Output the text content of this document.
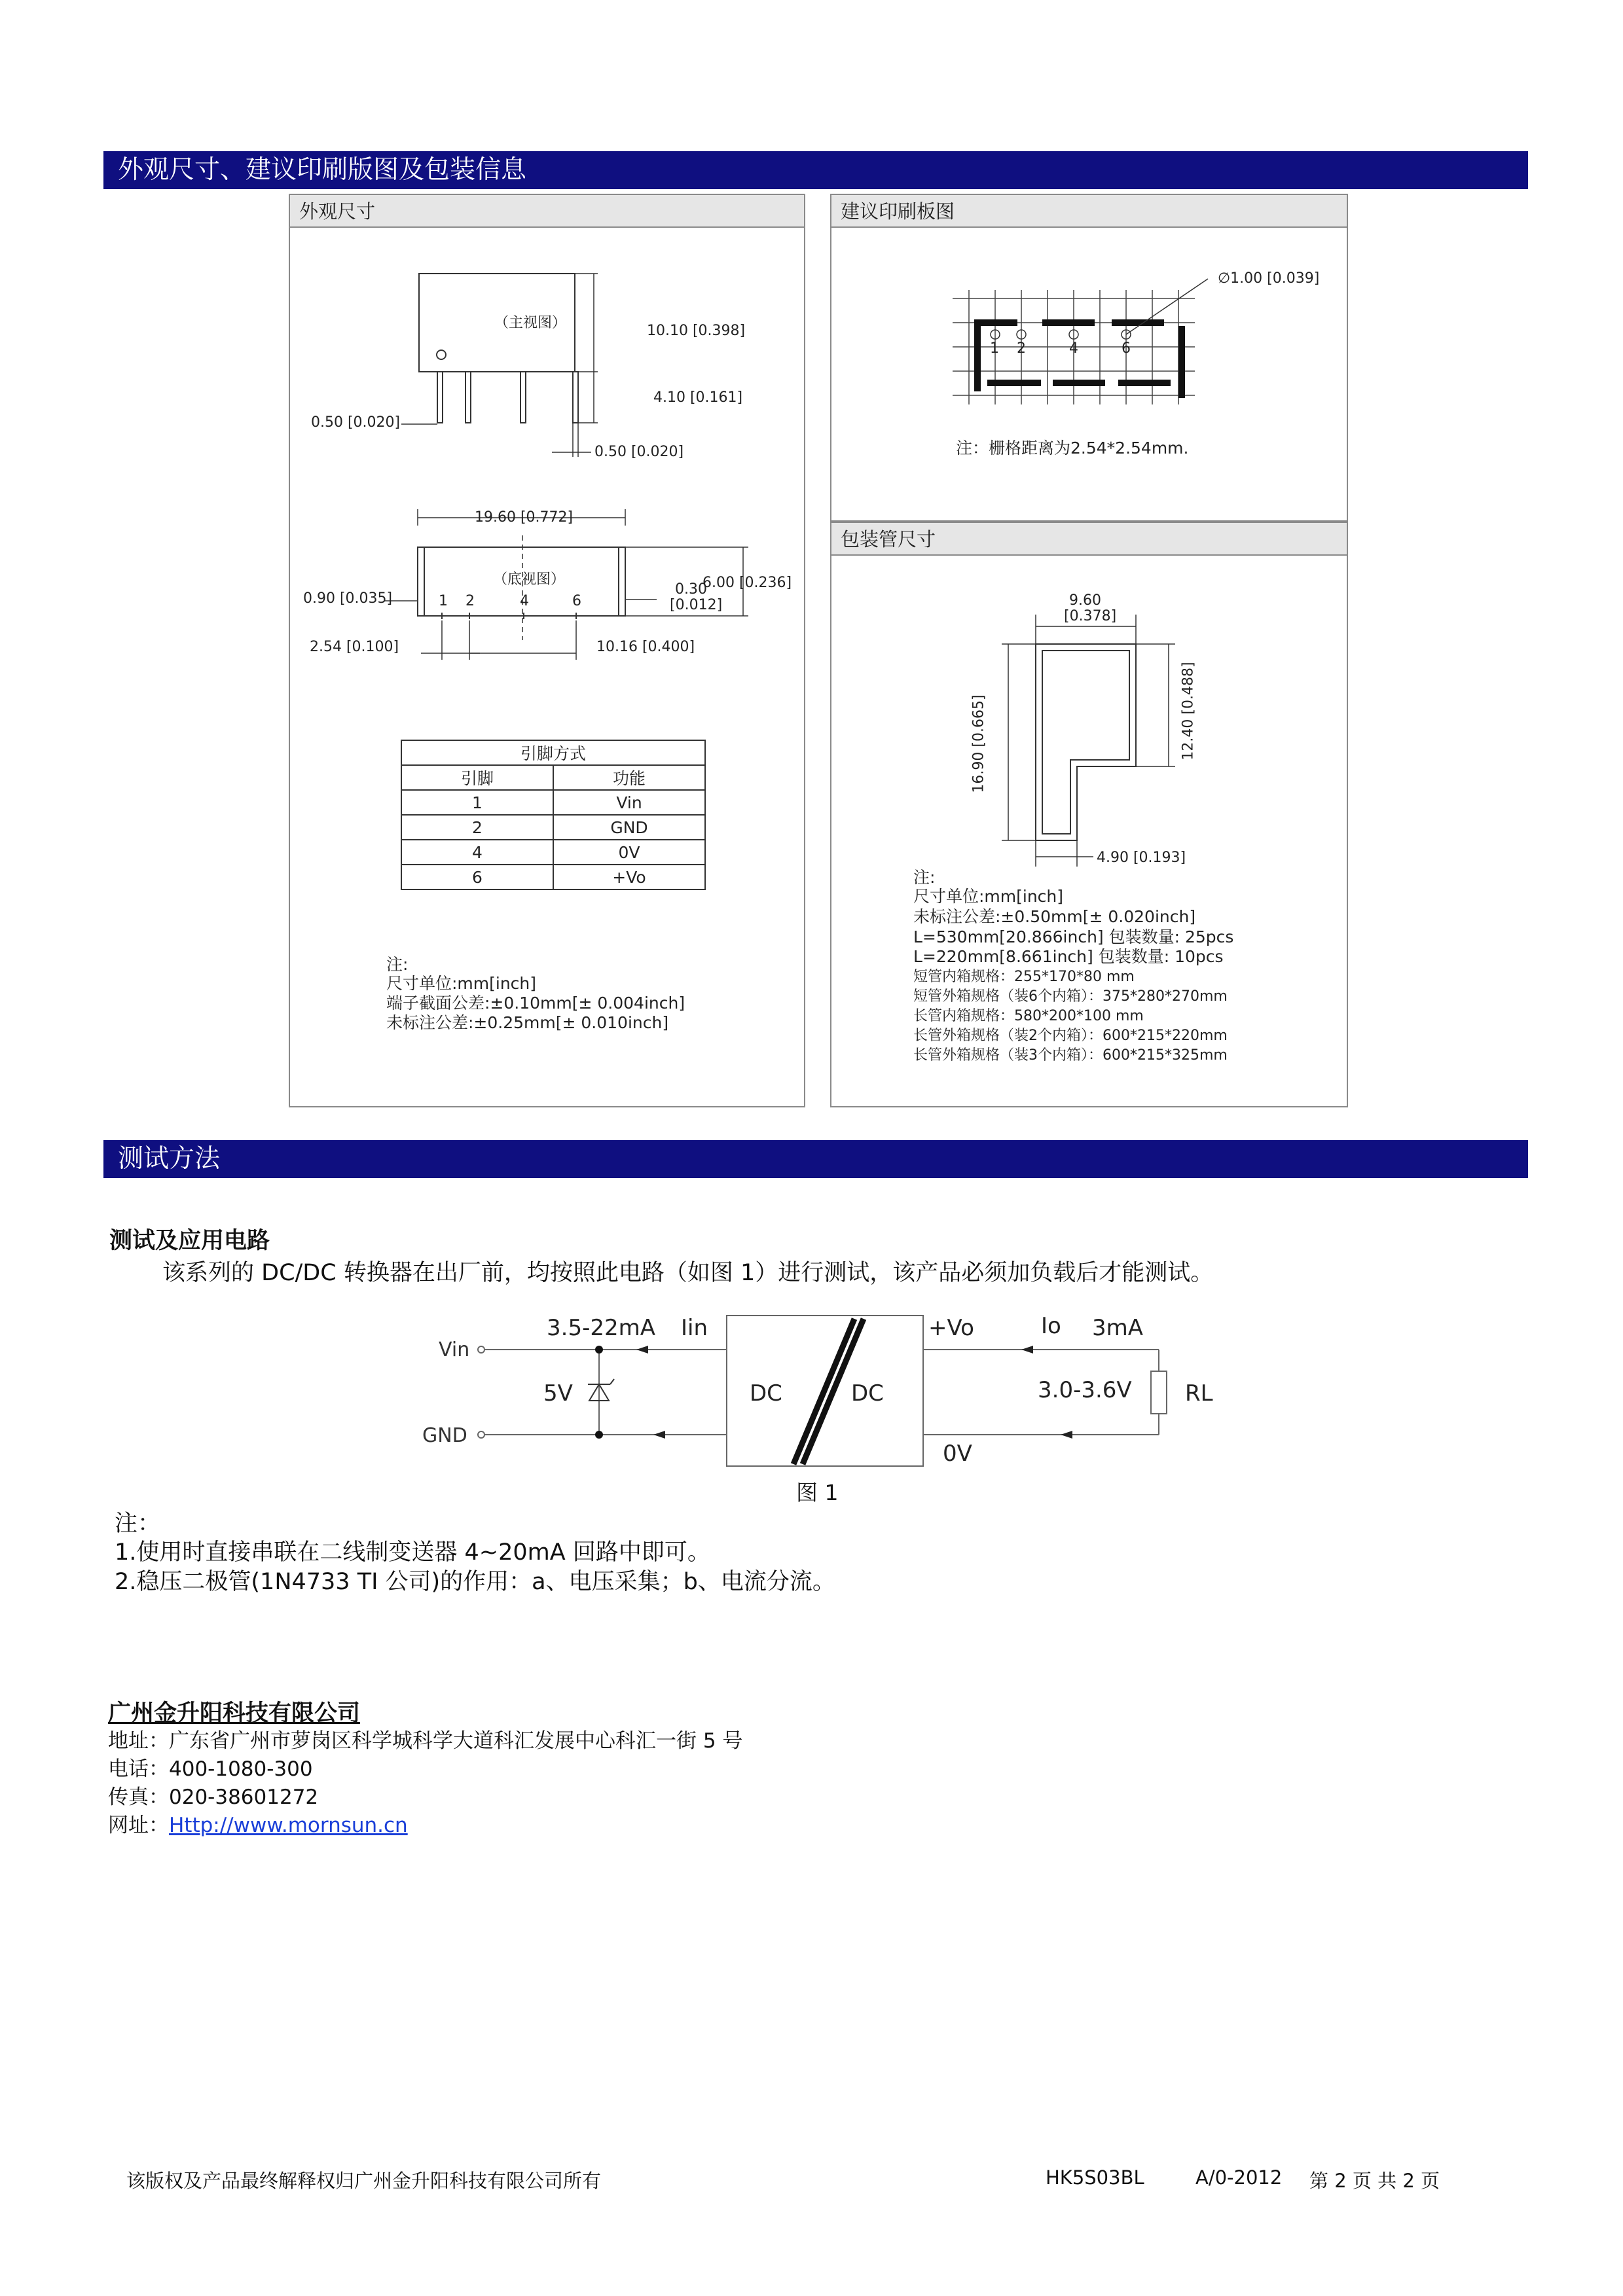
外观尺寸、建议印刷版图及包装信息
外观尺寸
（主视图）	10.10 [0.398]
4.10 [0.161]
0.50 [0.020]
0.50 [0.020]
19.60 [0.772]
（底视图）
0.90 [0.035]	1 2	4	6
0.30
[0.012]
6.00 [0.236]
2.54 [0.100]	10.16 [0.400]
引脚方式	
引脚	功能
1	Vin
2	GND
4	0V
6	+Vo
注:
尺寸单位:mm[inch]
端子截面公差:±0.10mm[± 0.004inch]
未标注公差:±0.25mm[± 0.010inch]
建议印刷板图
∅1.00 [0.039]
1 2	4	6
注：栅格距离为2.54*2.54mm.
包装管尺寸
9.60
[0.378]
16.90 [0.665]	12.40 [0.488]
4.90 [0.193]
注:
尺寸单位:mm[inch]
未标注公差:±0.50mm[± 0.020inch]
L=530mm[20.866inch] 包装数量: 25pcs
L=220mm[8.661inch] 包装数量: 10pcs
短管内箱规格：255*170*80 mm
短管外箱规格（装6个内箱）：375*280*270mm
长管内箱规格：580*200*100 mm
长管外箱规格（装2个内箱）：600*215*220mm
长管外箱规格（装3个内箱）：600*215*325mm
测试方法
测试及应用电路
该系列的 DC/DC 转换器在出厂前，均按照此电路（如图 1）进行测试，该产品必须加负载后才能测试。
Vin
GND
3.5-22mA Iin
5V	DC	DC
+Vo	Io 3mA
3.0-3.6V RL
0V
图 1
注：
1.使用时直接串联在二线制变送器 4~20mA 回路中即可。
2.稳压二极管(1N4733 TI 公司)的作用：a、电压采集；b、电流分流。
广州金升阳科技有限公司
地址：广东省广州市萝岗区科学城科学大道科汇发展中心科汇一街 5 号
电话：400-1080-300
传真：020-38601272
网址：Http://www.mornsun.cn
该版权及产品最终解释权归广州金升阳科技有限公司所有	HK5S03BL	A/0-2012 第 2 页 共 2 页
